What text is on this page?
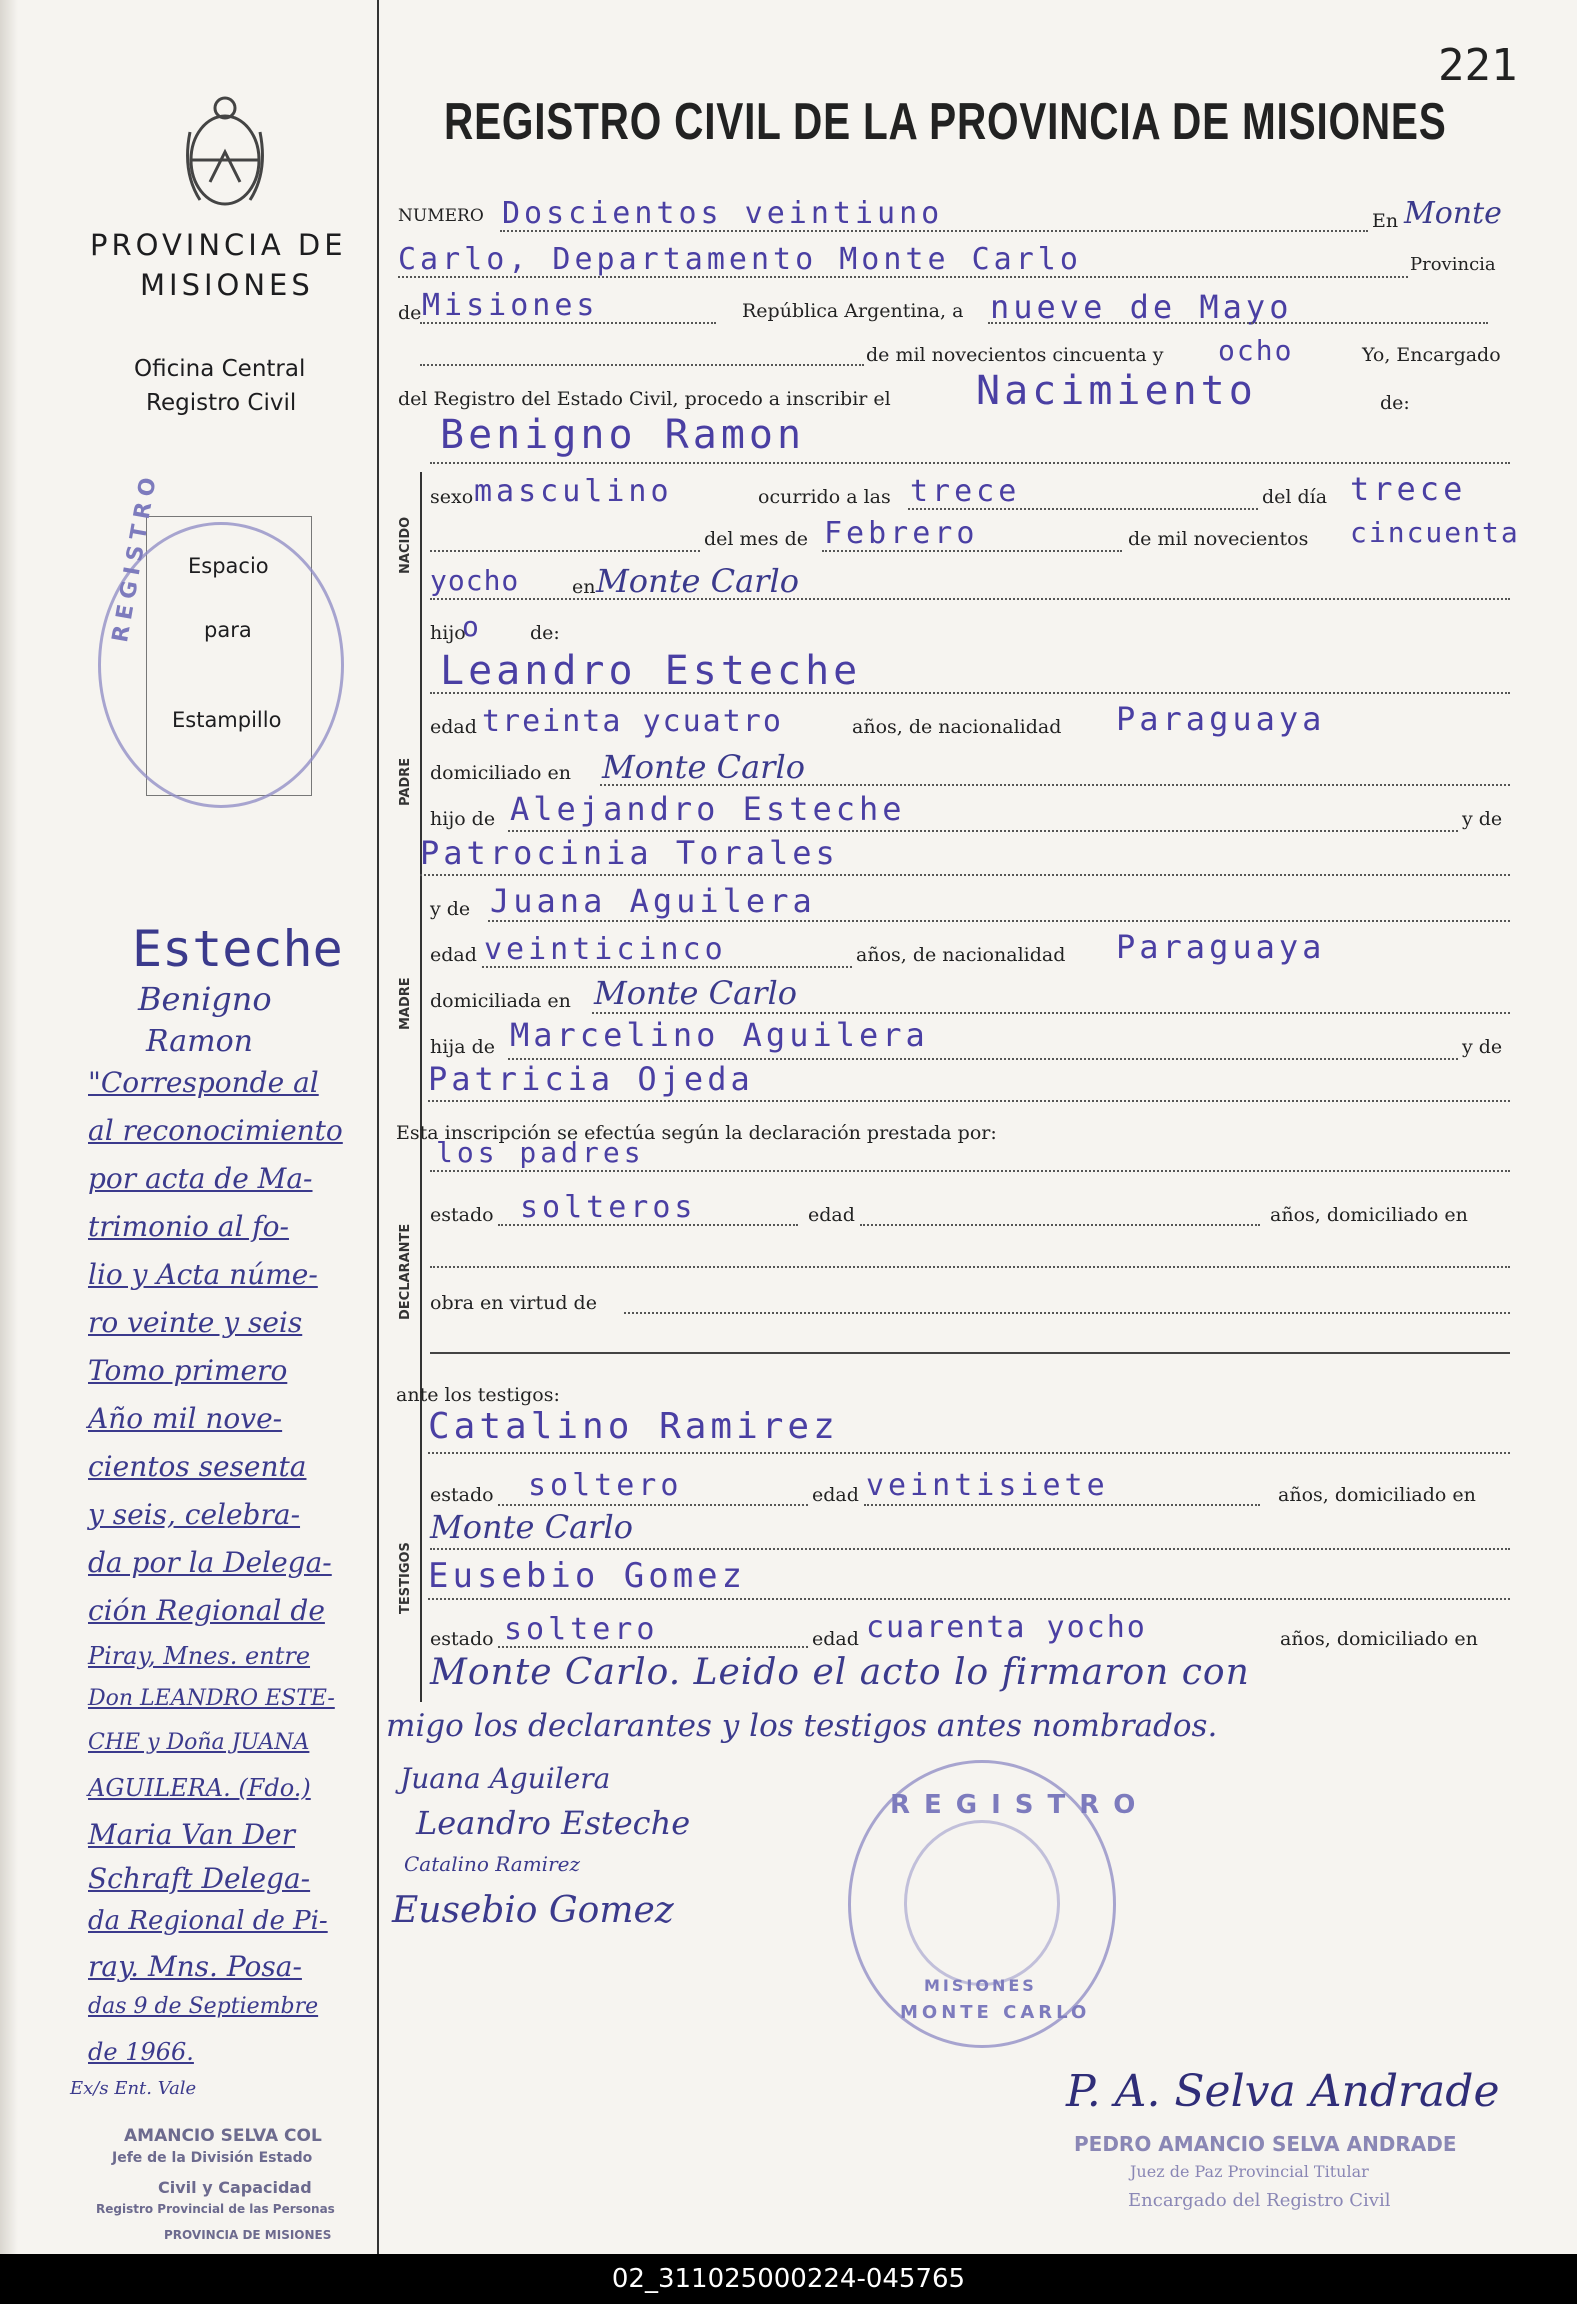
221
PROVINCIA DE
MISIONES
Oficina Central
Registro Civil
Espacio
para
Estampillo
REGISTRO
REGISTRO CIVIL DE LA PROVINCIA DE MISIONES
NUMERO Doscientos veintiuno	En Monte
Carlo, Departamento Monte Carlo	Provincia
de Misiones	República Argentina, a nueve de Mayo
de mil novecientos cincuenta y ocho	Yo, Encargado
del Registro del Estado Civil, procedo a inscribir el Nacimiento	de:
Benigno Ramon
NACIDO
sexo masculino	ocurrido a las trece	del día trece
del mes de Febrero	de mil novecientos cincuenta
yocho	en Monte Carlo
hijo
o de:
Leandro Esteche
PADRE
edad treinta ycuatro	años, de nacionalidad Paraguaya
domiciliado en Monte Carlo
hijo de Alejandro Esteche	y de
Patrocinia Torales
y de Juana Aguilera
MADRE
edad veinticinco	años, de nacionalidad Paraguaya
domiciliada en Monte Carlo
hija de Marcelino Aguilera	y de
Patricia Ojeda
Esta inscripción se efectúa según la declaración prestada por:
los padres
DECLARANTE
estado solteros	edad	años, domiciliado en
obra en virtud de
ante los testigos:
Catalino Ramirez
TESTIGOS
estado soltero	edad veintisiete	años, domiciliado en
Monte Carlo
Eusebio Gomez
estado soltero	edad cuarenta yocho	años, domiciliado en
Monte Carlo. Leido el acto lo firmaron con
migo los declarantes y los testigos antes nombrados.
Juana Aguilera
Leandro Esteche
Catalino Ramirez
Eusebio Gomez
REGISTRO
MISIONES
MONTE CARLO
P. A. Selva Andrade
PEDRO AMANCIO SELVA ANDRADE
Juez de Paz Provincial Titular
Encargado del Registro Civil
Esteche
Benigno
Ramon
"Corresponde al
al reconocimiento
por acta de Ma-
trimonio al fo-
lio y Acta núme-
ro veinte y seis
Tomo primero
Año mil nove-
cientos sesenta
y seis, celebra-
da por la Delega-
ción Regional de
Piray, Mnes. entre
Don LEANDRO ESTE-
CHE y Doña JUANA
AGUILERA. (Fdo.)
Maria Van Der
Schraft Delega-
da Regional de Pi-
ray. Mns. Posa-
das 9 de Septiembre
de 1966.
Ex/s Ent. Vale
AMANCIO SELVA COL
Jefe de la División Estado
Civil y Capacidad
Registro Provincial de las Personas
PROVINCIA DE MISIONES
02_311025000224-045765
